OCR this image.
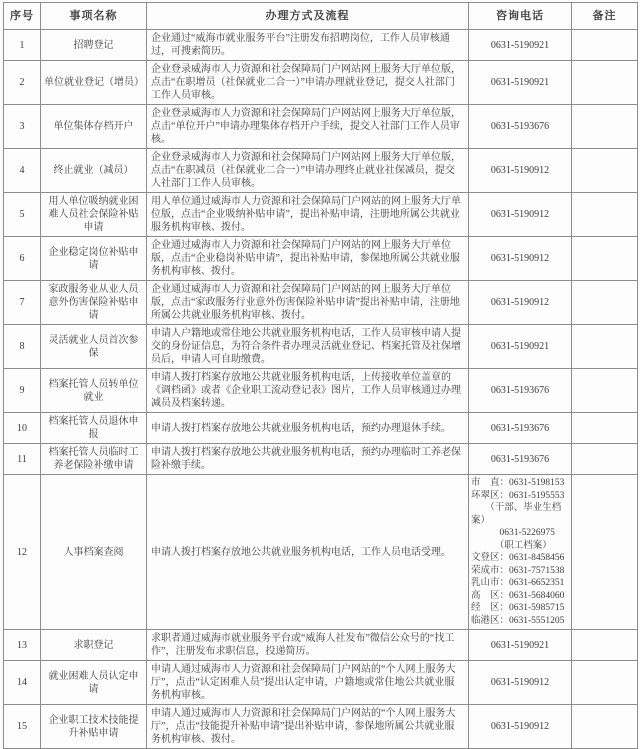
序号	事项名称	办理方式及流程	咨询电话	备注
1	招聘登记	企业通过“威海市就业服务平台”注册发布招聘岗位，工作人员审核通过，可搜索简历。	0631-5190921	

2	单位就业登记（增员）	企业登录威海市人力资源和社会保障局门户网站网上服务大厅单位版，点击“在职增员（社保就业二合一）”申请办理就业登记，提交人社部门工作人员审核。	0631-5190921	

3	单位集体存档开户	企业登录威海市人力资源和社会保障局门户网站网上服务大厅单位版，点击“单位开户”申请办理集体存档开户手续，提交人社部门工作人员审核。	0631-5193676	

4	终止就业（减员）	企业登录威海市人力资源和社会保障局门户网站网上服务大厅单位版，点击“在职减员（社保就业二合一）”申请办理终止就业社保减员，提交人社部门工作人员审核。	0631-5190912	

5	用人单位吸纳就业困难人员社会保险补贴申请	用人单位通过威海市人力资源和社会保障局门户网站的网上服务大厅单位版，点击“企业吸纳补贴申请”，提出补贴申请，注册地所属公共就业服务机构审核、拨付。	0631-5190912	

6	企业稳定岗位补贴申请	企业通过威海市人力资源和社会保障局门户网站的网上服务大厅单位版，点击“企业稳岗补贴申请”，提出补贴申请，参保地所属公共就业服务机构审核、拨付。	0631-5190912	

7	家政服务业从业人员意外伤害保险补贴申请	企业通过威海市人力资源和社会保障局门户网站的网上服务大厅单位版，点击“家政服务行业意外伤害保险补贴申请”提出补贴申请，注册地所属公共就业服务机构审核、拨付。	0631-5190912	

8	灵活就业人员首次参保	申请人户籍地或常住地公共就业服务机构电话，工作人员审核申请人提交的身份证信息，为符合条件者办理灵活就业登记、档案托管及社保增员后，申请人可自助缴费。	0631-5190921	

9	档案托管人员转单位就业	申请人拨打档案存放地公共就业服务机构电话，上传接收单位盖章的《调档函》或者《企业职工流动登记表》图片，工作人员审核通过办理减员及档案转递。	0631-5193676	

10	档案托管人员退休申报	申请人拨打档案存放地公共就业服务机构电话，预约办理退休手续。	0631-5193676	

11	档案托管人员临时工养老保险补缴申请	申请人拨打档案存放地公共就业服务机构电话，预约办理临时工养老保险补缴手续。	0631-5193676	

12	人事档案查阅	申请人拨打档案存放地公共就业服务机构电话，工作人员电话受理。	
市　直：0631-5198153
环翠区：0631-5195553
　　（干部、毕业生档案）
　　　0631-5226975
　　　（职工档案）
文登区：0631-8458456
荣成市：0631-7571538
乳山市：0631-6652351
高　区：0631-5684060
经　区：0631-5985715
临港区：0631-5551205

13	求职登记	求职者通过威海市就业服务平台或“威海人社发布”微信公众号的“找工作”，注册发布求职信息，投递简历。	0631-5190921	

14	就业困难人员认定申请	申请人通过威海市人力资源和社会保障局门户网站的“个人网上服务大厅”，点击“认定困难人员”提出认定申请，户籍地或常住地公共就业服务机构审核。	0631-5190912	

15	企业职工技术技能提升补贴申请	申请人通过威海市人力资源和社会保障局门户网站的“个人网上服务大厅”，点击“技能提升补贴申请”提出补贴申请，参保地所属公共就业服务机构审核、拨付。	0631-5190912	
